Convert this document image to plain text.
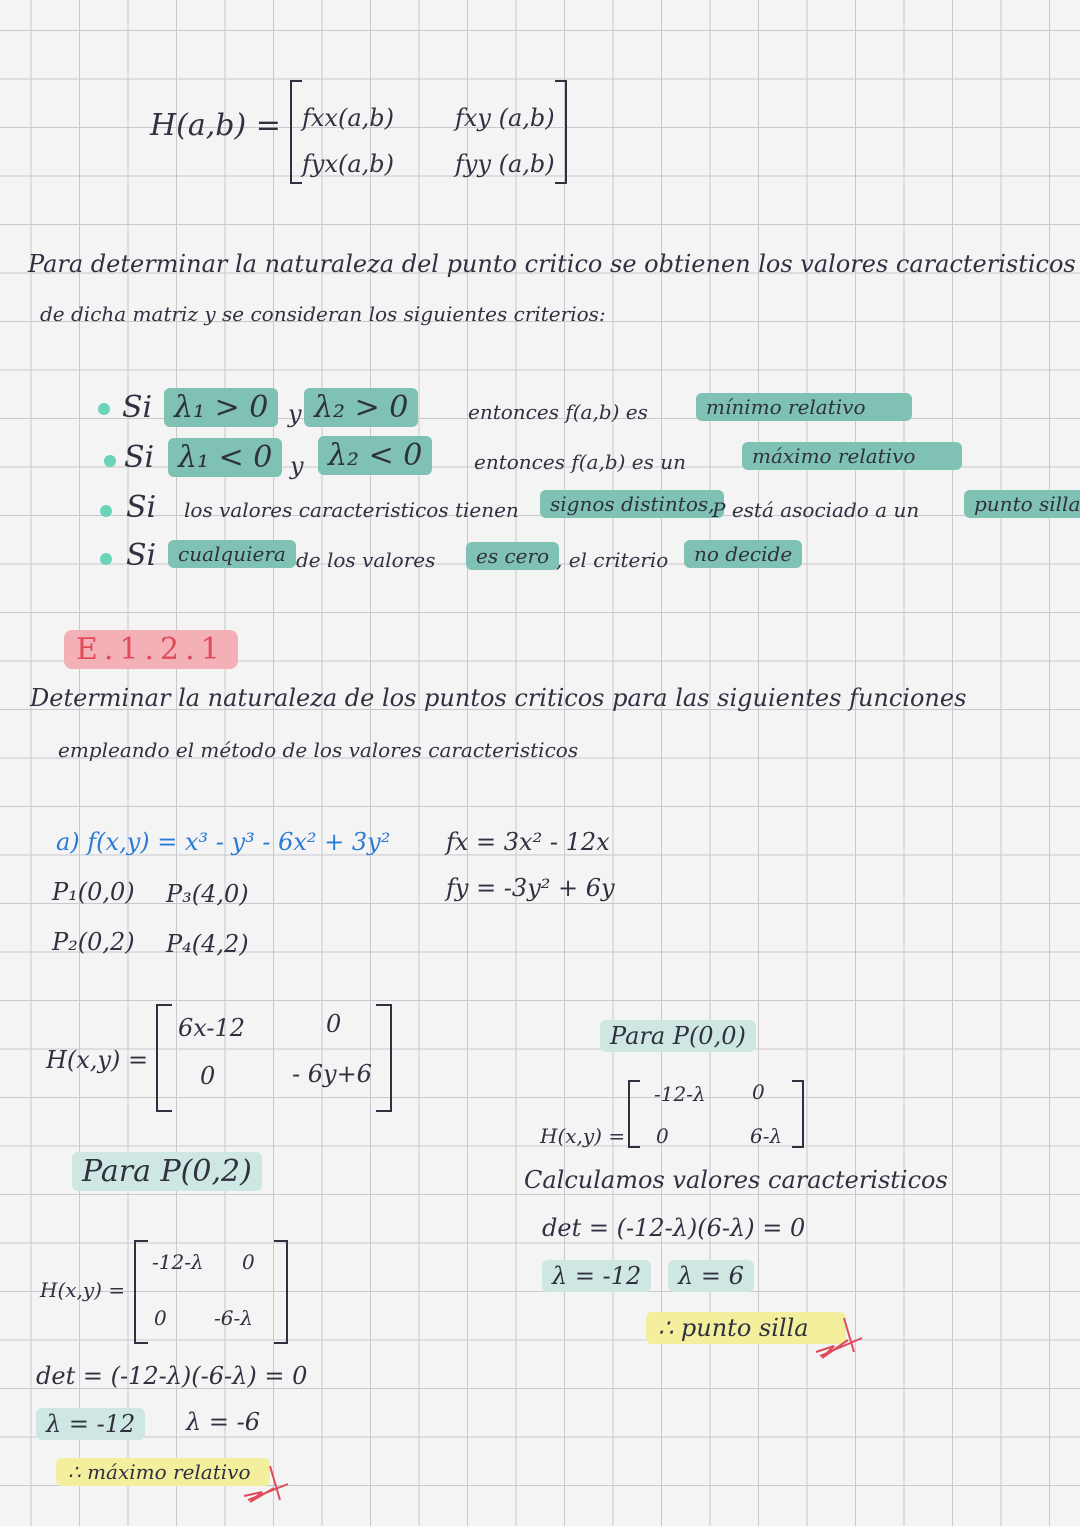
H(a,b) = fxx(a,b)	fxy (a,b)
fyx(a,b)	fyy (a,b)
Para determinar la naturaleza del punto critico se obtienen los valores caracteristicos
de dicha matriz y se consideran los siguientes criterios:
Si λ₁ > 0 y λ₂ > 0	entonces f(a,b) es	mínimo relativo
Si λ₁ < 0 y λ₂ < 0	entonces f(a,b) es un	máximo relativo
Si los valores caracteristicos tienen	signos distintos,
P está asociado a un	punto silla
Si	cualquiera de los valores	es cero , el criterio	no decide
E.1.2.1
Determinar la naturaleza de los puntos criticos para las siguientes funciones
empleando el método de los valores caracteristicos
a) f(x,y) = x³ - y³ - 6x² + 3y²
P₁(0,0) P₃(4,0)
P₂(0,2) P₄(4,2)
fx = 3x² - 12x
fy = -3y² + 6y
H(x,y) =
6x-12	0
0	- 6y+6
Para P(0,2)
H(x,y) =
-12-λ 0
0 -6-λ
det = (-12-λ)(-6-λ) = 0
λ = -12	λ = -6
∴ máximo relativo
Para P(0,0)
H(x,y) =
-12-λ 0
0	6-λ
Calculamos valores caracteristicos
det = (-12-λ)(6-λ) = 0
λ = -12	λ = 6
∴ punto silla
